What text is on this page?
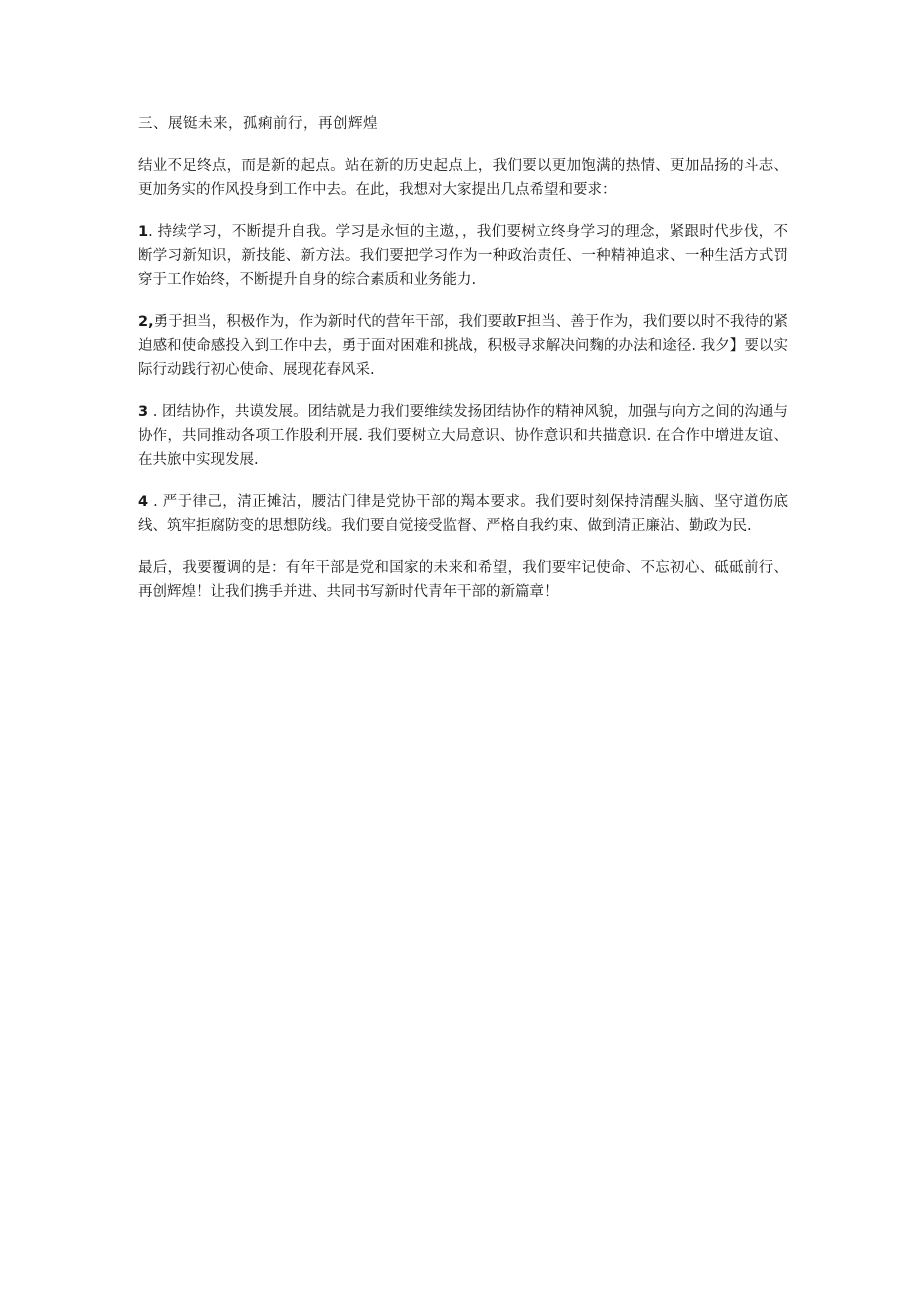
三、展铤未来，孤痢前行，再创辉煌

结业不足终点，而是新的起点。站在新的历史起点上，我们要以更加饱满的热情、更加品扬的斗志、更加务实的作风投身到工作中去。在此，我想对大家提出几点希望和要求：

1. 持续学习，不断提升自我。学习是永恒的主遨，，我们要树立终身学习的理念，紧跟时代步伐，不断学习新知识，新技能、新方法。我们要把学习作为一种政治责任、一种精神追求、一种生活方式罚穿于工作始终，不断提升自身的综合素质和业务能力.

2,勇于担当，积极作为，作为新时代的营年干部，我们要敢F担当、善于作为，我们要以时不我待的紧迫感和使命感投入到工作中去，勇于面对困难和挑战，积极寻求解决问麴的办法和途径. 我夕】要以实际行动践行初心使命、展现花春风采.

3 . 团结协作，共谟发展。团结就是力我们要维续发扬团结协作的精神风貌，加强与向方之间的沟通与协作，共同推动各项工作股利开展. 我们要树立大局意识、协作意识和共描意识. 在合作中增进友谊、在共旅中实现发展.

4 . 严于律己，清正摊沽，腰沽门律是党协干部的羯本要求。我们要时刻保持清醒头脑、坚守道伤底线、筑牢拒腐防变的思想防线。我们要自觉接受监督、严格自我约束、做到清正廉沾、勤政为民.

最后，我要覆调的是：有年干部是党和国家的未来和希望，我们要牢记使命、不忘初心、砥砥前行、再创辉煌！让我们携手并进、共同书写新时代青年干部的新篇章！
